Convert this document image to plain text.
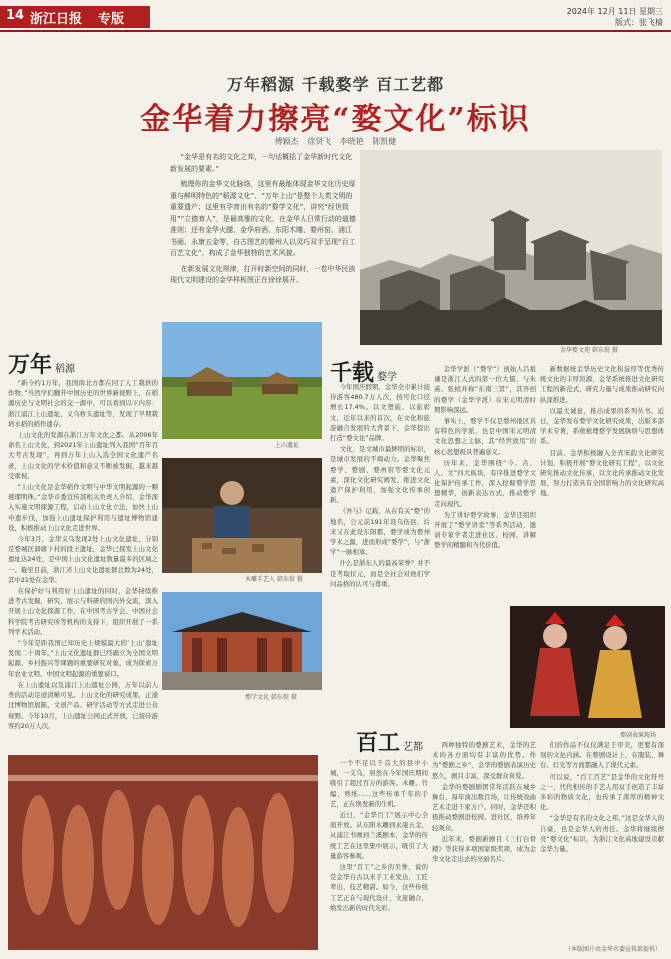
14 浙江日报 专版
2024年 12月 11日 星期三
版式：张飞樯
万年稻源 千载婺学 百工艺都
金华着力擦亮“婺文化”标识
傅颖杰 徐贤飞 李晓艳 陈凯健

“金华是有名的文化之邦，一句话概括了金华新时代文化新发展的要素。”

梳理你的金华文化脉络，这里有最能体现金华文化历史厚重与鲜明特色的“稻源文化”、“万年上山”是整个人类文明的重要遗产；这里有孕育出有名的“婺学文化”，讲究“经世致用”“立德育人”，是最高雅的文化，在金华人日常行动的道德准则；还有金华火腿、金华府酒、东阳木雕、婺州窑、浦江书画、永康五金等，自古图艺的婺州人以灵巧双手呈现“百工百艺文化”，构成了金华独特的艺术风貌。

在新发展文化规律，打开时新空间的同时，一卷中华民族现代文明建设的金华样板图正在徐徐展开。

金华婺文苑 韩东倪 摄
万年 稻源

“新今约1万年，我国南北方都在同了人工栽培的作物，”当然学们翻开中国历史的世界新视野上，在稻源历史与文明社会的交一源中，可以看到以下内容：浙江浦江上山遗址，义乌桥头遗址等，发现了早期栽培水稻的稻作遗存。

上山文化的发源在浙江万年文化之都。从2006年命名上山文化，到2021年上山遗址列入我国“百年百大考古发现”，再到万年上山入选全国文化遗产名录，上山文化的学术价值和意义不断被发掘，越来越受重视。

“上山文化是金华稻作文明与中华文明起源的一颗璀璨明珠。”金华市委宣传部相关负责人介绍，金华深入实施文明探源工程，启动上山文化立法，加快上山申遗步伐，加强上山遗址保护利用与遗址博物馆建设，积极推动上山文化走进世界。

今年3月，金华义乌发现2处上山文化遗址，分别是婺城区洞塘下村的段王遗址，金华已探发上山文化遗址达24处，是中国上山文化遗址数量最多的区域之一。截至目前，浙江省上山文化遗址群总数为24处，其中21处在金华。

在保护好与利用好上山遗址的同时，金华持续推进考古发掘，研究、展示与科研的国内外交流，深入开展上山文化探源工作，在中国考古学会、中国社会科学院考古研究所等机构的支持下，组织开展了一系列学术活动。

“今年是距我国已知历史上规模最大的‘上山’遗址发现二十周年。”上山文化遗址群已经确立为全国文明起源、乡村振兴等课题的重要研究对象，成为探索万年农业文明、中国文明起源的重要窗口。

在上山遗址以及浦江上山遗址公园，万年以前人类的活动足迹清晰可见。上山文化的研究成果，正通过博物馆展陈、文创产品、研学活动等方式走进公众视野。今年10月，上山遗址公园正式开放，已接待游客约20万人次。

上山遗址
木雕手艺人 韩东倪 摄
婺学文化 韩东倪 摄
千载 婺学

今年国庆假期，金华全市累计接待游客480.7万人次，按可比口径增长17.4%。以文塑旅、以旅彰文，近年以来的首次，在文化和旅游融合发展的大背景下，金华提出打造“婺文化”品牌。

文化，是文城市最鲜明的标识，是城市发展的不竭动力。金华聚焦婺学、婺剧、婺州窑等婺文化元素，深化文化研究阐发，推进文化遗产保护利用，加强文化传承创新。

《吾与》记载，从在有关“婺”的地名，公元前191年设乌伤县，后来又在此设东阳郡，婺学成为婺州学术之源，进而形成“婺学”，与“浙学”一脉相承。

什么是浙东人的最高荣誉？并不是考取状元，而是全社会对他们学问品格的认可与尊重。

金华学派（“婺学”）创始人吕祖谦是浙江人式的第一位大儒，与朱熹、张栻并称“东南三贤”，其开创的婺学（金华学派）在宋元明清时期影响深远。

事实上，婺学不仅是婺州地区具有特色的学派，也是中国宋元明清文化思想之主脉，其“经世致用”的核心思想极具普遍意义。

历年来，金华围绕“今、古、人、文”四大板块，有序推进婺学文化保护传承工作，深入挖掘婺学思想精华，创新表达方式，推动婺学走向现代。

为了讲好婺学故事，金华还组织开展了“婺学讲堂”等系列活动，邀请专家学者走进社区、校园，讲解婺学的精髓和当代价值。

新数据统金华历史文化积淀厚等优秀传统文化的丰厚资源，金华系统推进文化研究工程的新范式，研究力量与成果推动研究向纵深推进。

以最大诚意，推出成果的系列丛书。近日，金华发布婺学文化研究成果，出版多部学术专著，系统梳理婺学发展脉络与思想体系。

目前，金华积极融入全省宋韵文化研究计划，积极开展“婺文化研究工程”，以文化研究推动文化传承，以文化传承推动文化发展，努力打造具有全国影响力的文化研究高地。

婺剧表演现场
百工 艺都

一个不足以千首大的县中小城，一义乌，居然在今年国庆期间吸引了超过百万的游客。木雕、竹编、剪纸……这些传承千年的手艺，正在焕发新的生机。

近日，“金华百工”展示中心全面开放。从东阳木雕到永康五金，从浦江书画到兰溪剧本，金华的传统工艺在这里集中展示，吸引了大量游客参观。

这里“百工”之乡的美誉，说的是金华自古以来手工业发达，工匠辈出，技艺精湛。如今，这些传统工艺正在与现代设计、文旅融合，焕发出新的时代光彩。

两种独特的婺剧艺术，金华的艺术的各方面均有丰富的优势。作为“婺剧之乡”，金华的婺剧表演历史悠久，剧目丰富，深受群众喜爱。

金华的婺剧剧团常年活跃在城乡舞台，每年演出数百场，让传统戏曲艺术走进千家万户。同时，金华还积极推动婺剧进校园、进社区，培养年轻观众。

近年来，婺剧新剧目《三打白骨精》等获得多项国家级奖项，成为金华文化走出去的亮丽名片。

们的作品不仅仅满足于审美，更要有深刻的文化内涵。在婺剧设计上，在服装、舞台、灯光等方面都融入了现代元素。

可以说，“百工百艺”是金华的文化符号之一，代代相传的手艺人用双手创造了丰富多彩的物质文化，也传承了深厚的精神文化。

“金华是有名的文化之邦，”这是金华人的自豪，也是金华人的责任。金华将继续擦亮“婺文化”标识，为浙江文化高地建设贡献金华力量。

（本版图片由金华市委宣传部提供）
